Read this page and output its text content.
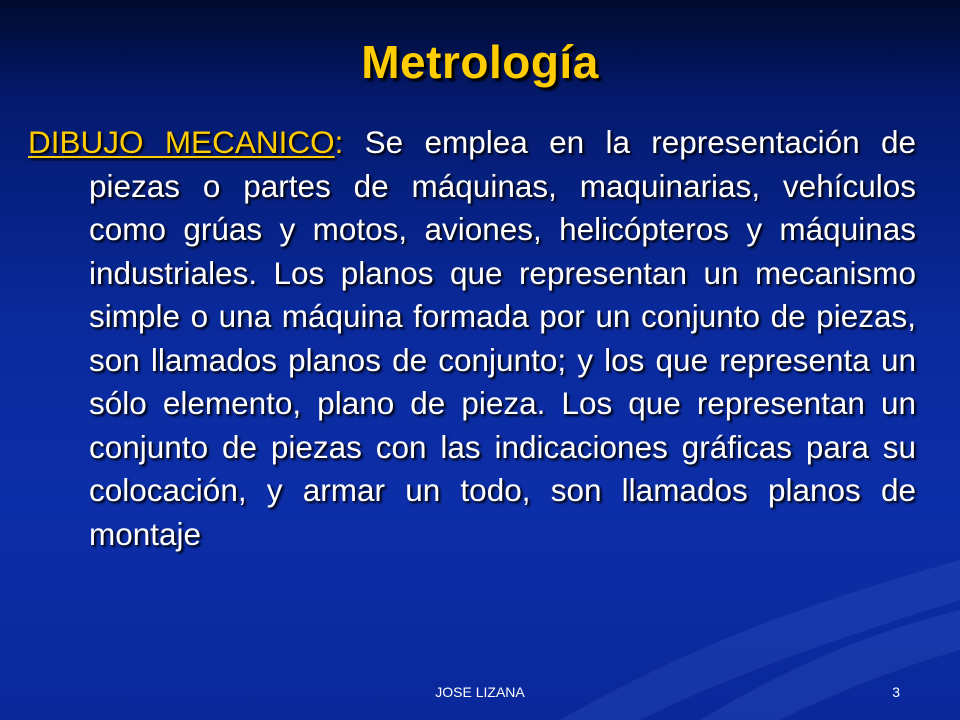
Metrología

DIBUJO MECANICO: Se emplea en la representación de piezas o partes de máquinas, maquinarias, vehículos como grúas y motos, aviones, helicópteros y máquinas industriales. Los planos que representan un mecanismo simple o una máquina formada por un conjunto de piezas, son llamados planos de conjunto; y los que representa un sólo elemento, plano de pieza. Los que representan un conjunto de piezas con las indicaciones gráficas para su colocación, y armar un todo, son llamados planos de montaje

JOSE LIZANA	3
